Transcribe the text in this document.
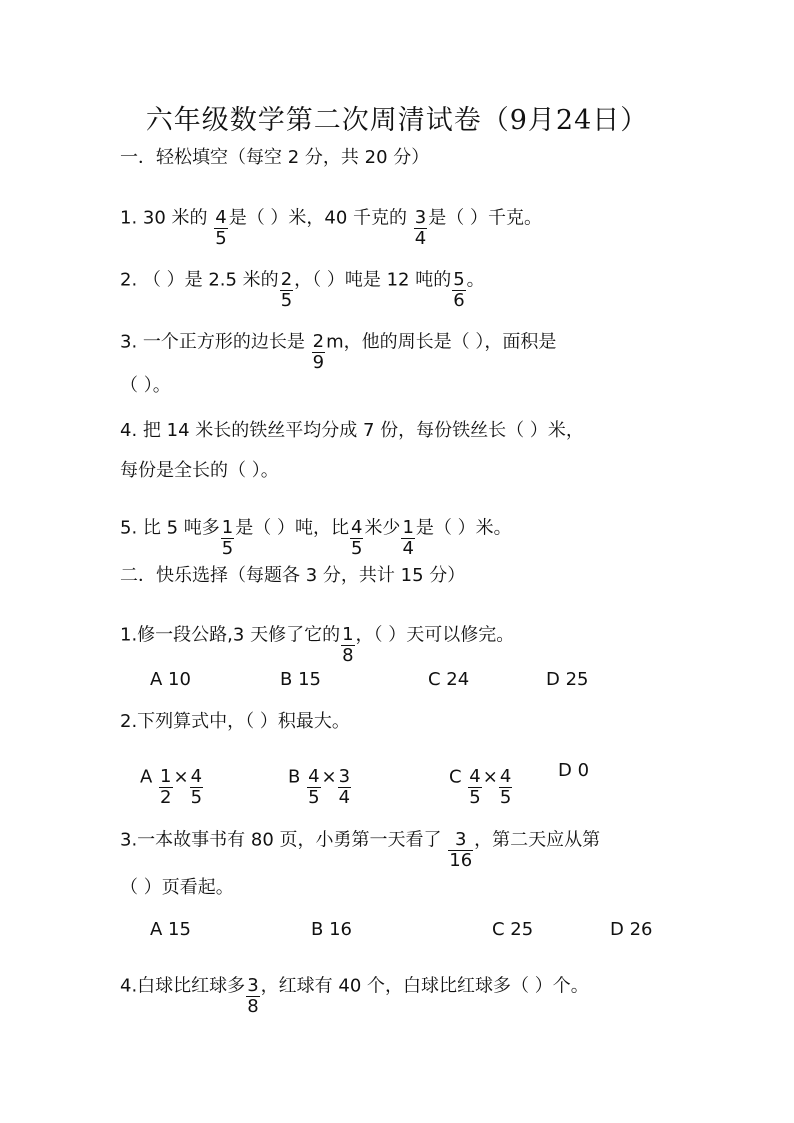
六年级数学第二次周清试卷（9月24日）
一．轻松填空（每空 2 分，共 20 分）
1. 30 米的 $\frac{4}{5}$ 是（ ）米，40 千克的 $\frac{3}{4}$ 是（ ）千克。
2. （ ）是 2.5 米的 $\frac{2}{5}$ ，（ ）吨是 12 吨的 $\frac{5}{6}$ 。
3. 一个正方形的边长是 $\frac{2}{9}$ m，他的周长是（ ），面积是
（ ）。
4. 把 14 米长的铁丝平均分成 7 份，每份铁丝长（ ）米，
每份是全长的（ ）。
5. 比 5 吨多 $\frac{1}{5}$ 是（ ）吨，比 $\frac{4}{5}$ 米少 $\frac{1}{4}$ 是（ ）米。
二．快乐选择（每题各 3 分，共计 15 分）
1.修一段公路,3 天修了它的 $\frac{1}{8}$ ，（ ）天可以修完。
A 10	B 15	C 24	D 25
2.下列算式中，（ ）积最大。
A $\frac{1}{2} \times \frac{4}{5}$	B $\frac{4}{5} \times \frac{3}{4}$	C $\frac{4}{5} \times \frac{4}{5}$	D 0
3.一本故事书有 80 页，小勇第一天看了 $\frac{3}{16}$ ，第二天应从第
（ ）页看起。
A 15	B 16	C 25	D 26
4.白球比红球多 $\frac{3}{8}$ ，红球有 40 个，白球比红球多（ ）个。
